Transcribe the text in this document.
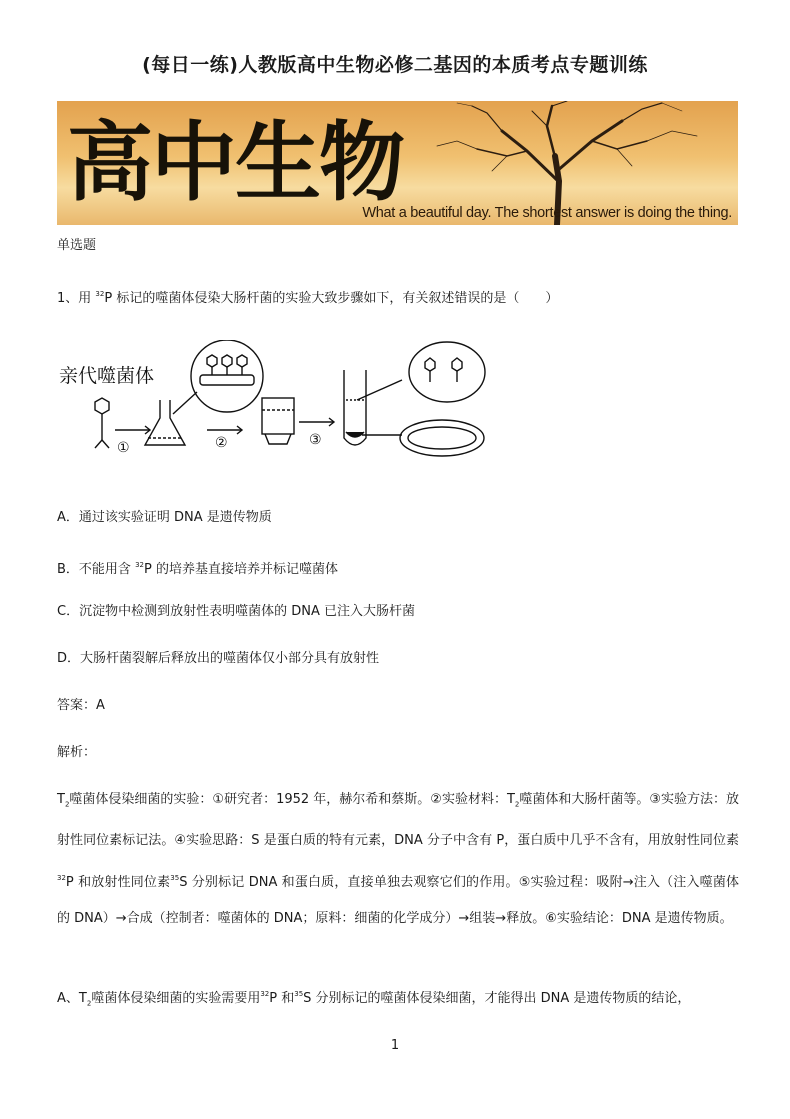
(每日一练)人教版高中生物必修二基因的本质考点专题训练
高中生物
What a beautiful day. The shortest answer is doing the thing.
单选题
1、用 $^{32}$P 标记的噬菌体侵染大肠杆菌的实验大致步骤如下，有关叙述错误的是（　　）
亲代噬菌体
①	②	③
A．通过该实验证明 DNA 是遗传物质
B．不能用含 $^{32}$P 的培养基直接培养并标记噬菌体
C．沉淀物中检测到放射性表明噬菌体的 DNA 已注入大肠杆菌
D．大肠杆菌裂解后释放出的噬菌体仅小部分具有放射性
答案：A
解析：
$T_2$噬菌体侵染细菌的实验：①研究者：1952 年，赫尔希和蔡斯。②实验材料：$T_2$噬菌体和大肠杆菌等。③实验方法：放射性同位素标记法。④实验思路：S 是蛋白质的特有元素，DNA 分子中含有 P，蛋白质中几乎不含有，用放射性同位素$^{32}$P 和放射性同位素$^{35}$S 分别标记 DNA 和蛋白质，直接单独去观察它们的作用。⑤实验过程：吸附→注入（注入噬菌体的 DNA）→合成（控制者：噬菌体的 DNA；原料：细菌的化学成分）→组装→释放。⑥实验结论：DNA 是遗传物质。
A、$T_2$噬菌体侵染细菌的实验需要用$^{32}$P 和$^{35}$S 分别标记的噬菌体侵染细菌，才能得出 DNA 是遗传物质的结论，
1
